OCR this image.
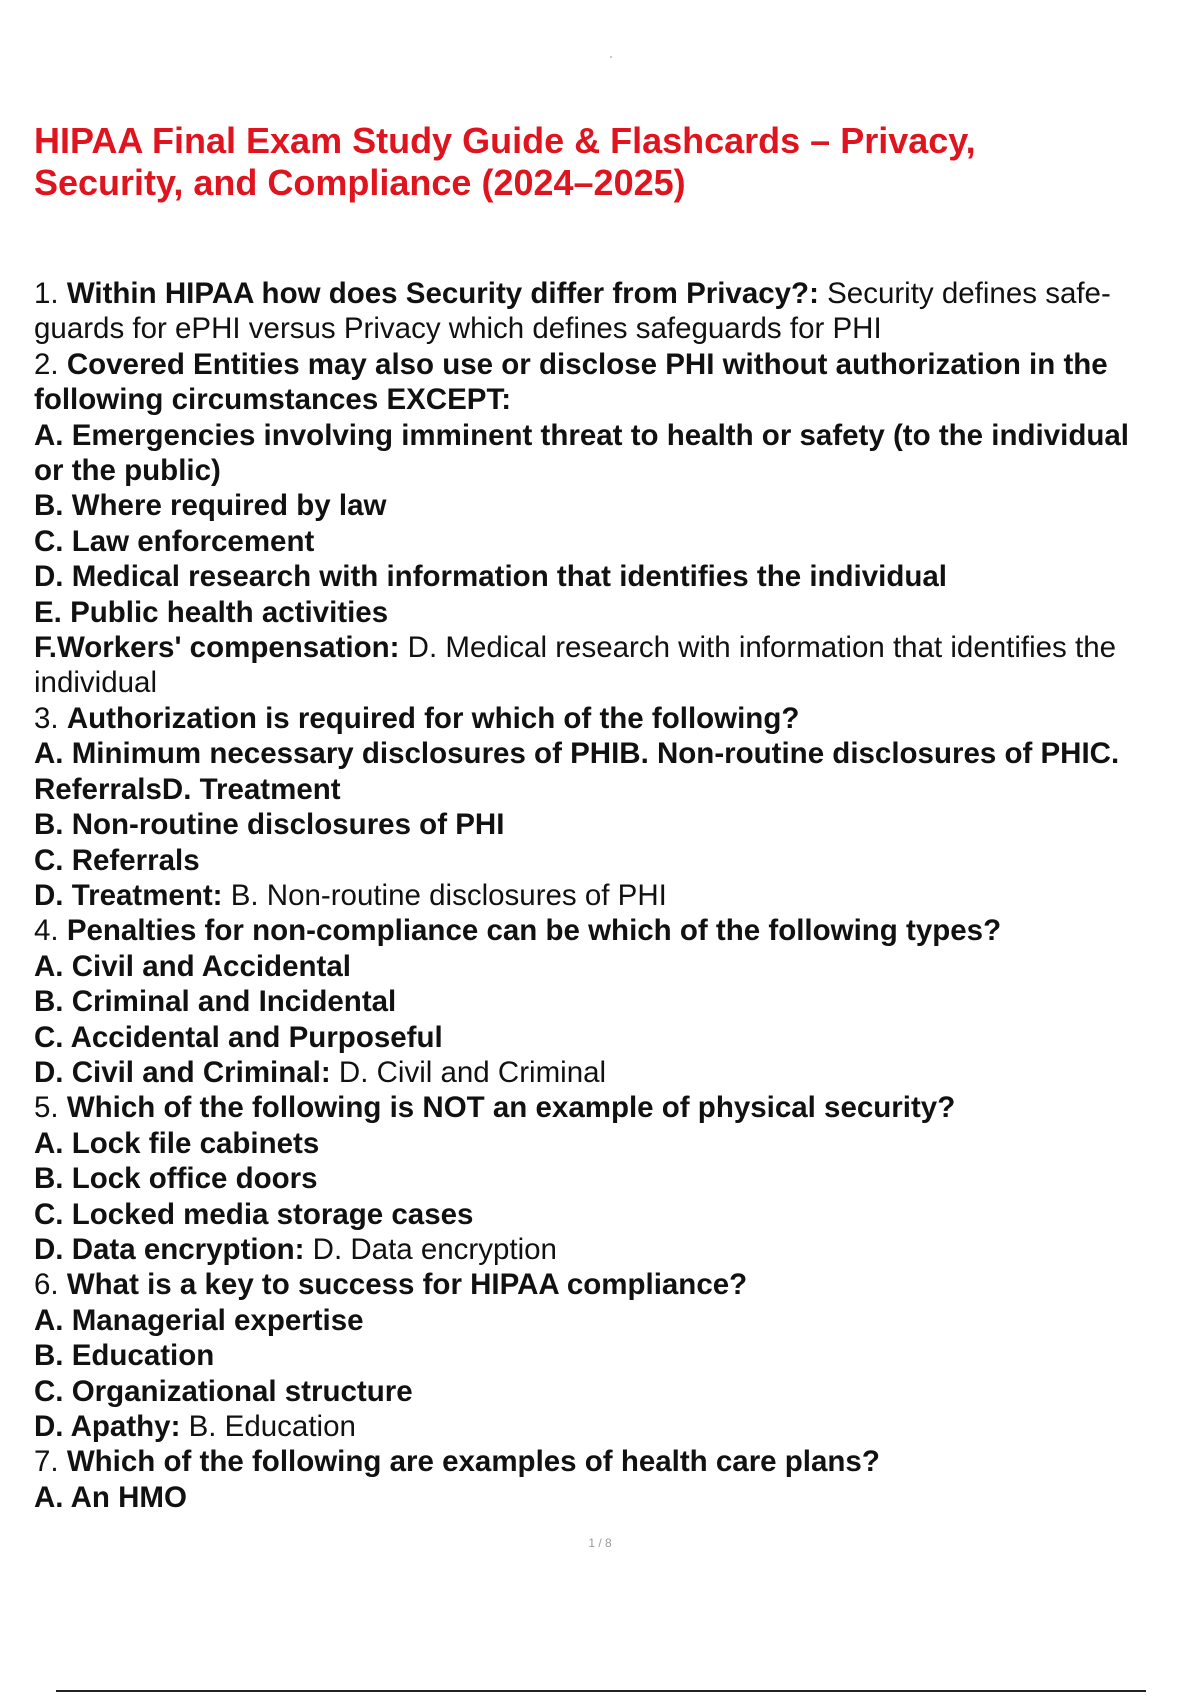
HIPAA Final Exam Study Guide & Flashcards – Privacy,
Security, and Compliance (2024–2025)
1. Within HIPAA how does Security differ from Privacy?: Security defines safe-
guards for ePHI versus Privacy which defines safeguards for PHI
2. Covered Entities may also use or disclose PHI without authorization in the
following circumstances EXCEPT:
A. Emergencies involving imminent threat to health or safety (to the individual
or the public)
B. Where required by law
C. Law enforcement
D. Medical research with information that identifies the individual
E. Public health activities
F.Workers' compensation: D. Medical research with information that identifies the
individual
3. Authorization is required for which of the following?
A. Minimum necessary disclosures of PHIB. Non-routine disclosures of PHIC.
ReferralsD. Treatment
B. Non-routine disclosures of PHI
C. Referrals
D. Treatment: B. Non-routine disclosures of PHI
4. Penalties for non-compliance can be which of the following types?
A. Civil and Accidental
B. Criminal and Incidental
C. Accidental and Purposeful
D. Civil and Criminal: D. Civil and Criminal
5. Which of the following is NOT an example of physical security?
A. Lock file cabinets
B. Lock office doors
C. Locked media storage cases
D. Data encryption: D. Data encryption
6. What is a key to success for HIPAA compliance?
A. Managerial expertise
B. Education
C. Organizational structure
D. Apathy: B. Education
7. Which of the following are examples of health care plans?
A. An HMO
1 / 8
